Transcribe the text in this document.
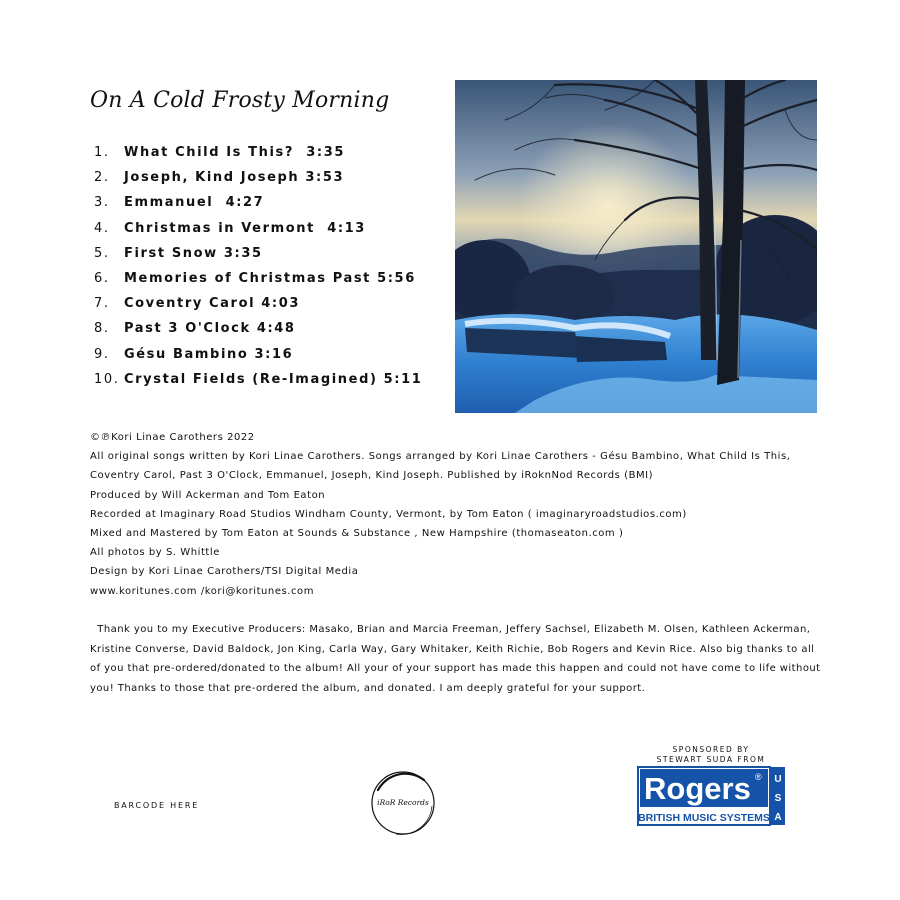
On A Cold Frosty Morning
1.	What Child Is This?  3:35
2.	Joseph, Kind Joseph 3:53
3.	Emmanuel  4:27
4.	Christmas in Vermont  4:13
5.	First Snow 3:35
6.	Memories of Christmas Past 5:56
7.	Coventry Carol 4:03
8.	Past 3 O'Clock 4:48
9.	Gésu Bambino 3:16
10. Crystal Fields (Re-Imagined) 5:11
©℗Kori Linae Carothers 2022
All original songs written by Kori Linae Carothers. Songs arranged by Kori Linae Carothers - Gésu Bambino, What Child Is This, Coventry Carol, Past 3 O'Clock, Emmanuel, Joseph, Kind Joseph. Published by iRoknNod Records (BMI)
Produced by Will Ackerman and Tom Eaton
Recorded at Imaginary Road Studios Windham County, Vermont, by Tom Eaton ( imaginaryroadstudios.com)
Mixed and Mastered by Tom Eaton at Sounds & Substance , New Hampshire (thomaseaton.com )
All photos by S. Whittle
Design by Kori Linae Carothers/TSI Digital Media
www.koritunes.com /kori@koritunes.com
Thank you to my Executive Producers: Masako, Brian and Marcia Freeman, Jeffery Sachsel, Elizabeth M. Olsen, Kathleen Ackerman, Kristine Converse, David Baldock, Jon King, Carla Way, Gary Whitaker, Keith Richie, Bob Rogers and Kevin Rice. Also big thanks to all of you that pre-ordered/donated to the album! All your of your support has made this happen and could not have come to life without you! Thanks to those that pre-ordered the album, and donated. I am deeply grateful for your support.
BARCODE HERE	iRoR Records
SPONSORED BY
STEWART SUDA FROM
Rogers ®
BRITISH MUSIC SYSTEMS
U
S
A
